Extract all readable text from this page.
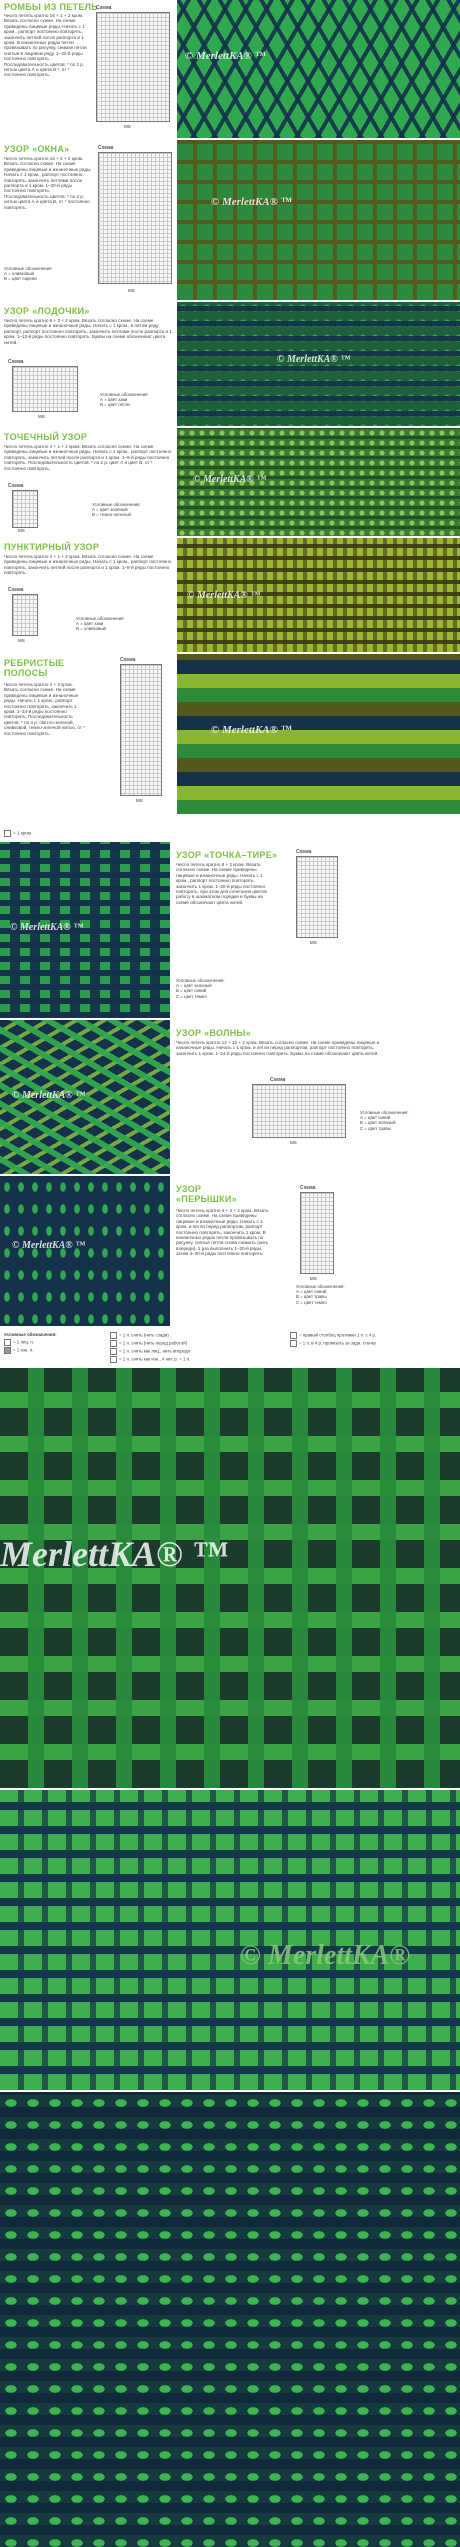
РОМБЫ ИЗ ПЕТЕЛЬ
Число петель кратно 16 + 1 + 2 кром. Вязать согласно схеме. На схеме приведены лицевые ряды. Начать с 1 кром., раппорт постоянно повторять, закончить петлей после раппорта и 1 кром. В изнаночных рядах петли провязывать по рисунку, снимая петли снятые в лицевом ряду. 1–32-й ряды постоянно повторять. Последовательность цветов: * по 2 р. нитью цвета А и цвета В *, от * постоянно повторять.
Схема
МS
© MerlettKA® ™
УЗОР «ОКНА»
Число петель кратно 16 + 3 + 2 кром. Вязать согласно схеме. На схеме приведены лицевые и изнаночные ряды. Начать с 1 кром., раппорт постоянно повторять, закончить петлями после раппорта и 1 кром. 1–20-й ряды постоянно повторять. Последовательность цветов: * по 2 р. нитью цвета А и цвета В, от * постоянно повторять.
Условные обозначения:
А = оливковый
В = цвет сирени
Схема
МS
© MerlettKA® ™
УЗОР «ЛОДОЧКИ»
Число петель кратно 6 + 3 + 2 кром. Вязать согласно схеме. На схеме приведены лицевые и изнаночные ряды. Начать с 1 кром., в пятом ряду раппорт, раппорт постоянно повторять, закончить петлями после раппорта и 1 кром. 1–12-й ряды постоянно повторять. Буквы на схеме обозначают цвета нитей.
Схема
МS
Условные обозначения:
А = цвет хаки
В = цвет петли
© MerlettKA® ™
ТОЧЕЧНЫЙ УЗОР
Число петель кратно 4 + 1 + 2 кром. Вязать согласно схеме. На схеме приведены лицевые и изнаночные ряды. Начать с 1 кром., раппорт постоянно повторять, закончить петлей после раппорта и 1 кром. 1–8-й ряды постоянно повторять. Последовательность цветов: * по 2 р. цвет А и цвет В, от * постоянно повторять.
Схема
МS
Условные обозначения:
А = цвет зеленый
В = темно-зеленый
© MerlettKA® ™
ПУНКТИРНЫЙ УЗОР
Число петель кратно 4 + 1 + 2 кром. Вязать согласно схеме. На схеме приведены лицевые и изнаночные ряды. Начать с 1 кром., раппорт постоянно повторять, закончить петлей после раппорта и 1 кром. 1–8-й ряды постоянно повторять.
Схема
МS
Условные обозначения:
А = цвет хаки
В = оливковый
© MerlettKA® ™
РЕБРИСТЫЕ ПОЛОСЫ
Число петель кратно 4 + 2 кром. Вязать согласно схеме. На схеме приведены лицевые и изнаночные ряды. Начать с 1 кром., раппорт постоянно повторять, закончить 1 кром. 1–24-й ряды постоянно повторять. Последовательность цветов: * по 4 р. светло-зеленой, оливковой, темно-зеленой нитью, от * постоянно повторять.
Схема
МS
© MerlettKA® ™
= 1 кром.
© MerlettKA® ™
УЗОР «ТОЧКА–ТИРЕ»
Число петель кратно 8 + 2 кром. Вязать согласно схеме. На схеме приведены лицевые и изнаночные ряды. Начать с 1 кром., раппорт постоянно повторять, закончить 1 кром. 1–20-й ряды постоянно повторять, при этом для сочетания цветов работу в шахматном порядке и буквы на схеме обозначают цвета нитей.
Схема
МS
Условные обозначения:
А = цвет зеленый
В = цвет синий
С = цвет темно
© MerlettKA® ™
УЗОР «ВОЛНЫ»
Число петель кратно 12 + 10 + 2 кром. Вязать согласно схеме. На схеме приведены лицевые и изнаночные ряды. Начать с 1 кром. и петли перед раппортом, раппорт постоянно повторять, закончить 1 кром. 1–24-й ряды постоянно повторять. Буквы на схеме обозначают цвета нитей.
Схема
МS
Условные обозначения:
А = цвет синий
В = цвет зеленый
С = цвет травы
© MerlettKA® ™
УЗОР «ПЕРЫШКИ»
Число петель кратно 4 + 3 + 2 кром. Вязать согласно схеме. На схеме приведены лицевые и изнаночные ряды. Начать с 1 кром. и петли перед раппортом, раппорт постоянно повторять, закончить 1 кром. В изнаночных рядах петли провязывать по рисунку, снятые петли снова снимать (нить впереди). 1 раз выполнить 1–20-й ряды, затем 3–20-й ряды постоянно повторять.
Схема
МS
Условные обозначения:
А = цвет синий
В = цвет травы
С = цвет темно
Условные обозначения:
= 1 лиц. п.
= 1 изн. п.
= 1 п. снять (нить сзади)
= 1 п. снять (нить перед работой)
= 1 п. снять как лиц., нить впереди
= 1 п. снять как изн., 4 нит. р. = 1 п.
= правый столбец протяжки 1 п. с 4 р.
= 1 п. в 4 р. провязать за задн. стенку
MerlettKA® ™
© MerlettKA®
